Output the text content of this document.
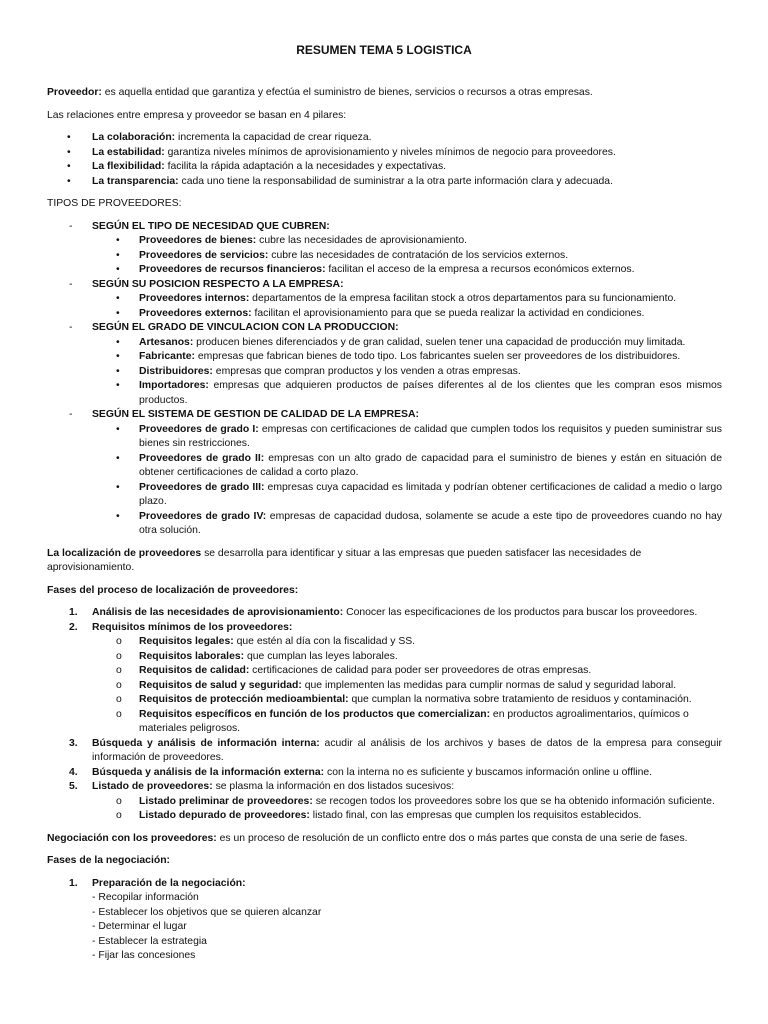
RESUMEN TEMA 5 LOGISTICA

Proveedor: es aquella entidad que garantiza y efectúa el suministro de bienes, servicios o recursos a otras empresas.

Las relaciones entre empresa y proveedor se basan en 4 pilares:

• La colaboración: incrementa la capacidad de crear riqueza.
• La estabilidad: garantiza niveles mínimos de aprovisionamiento y niveles mínimos de negocio para proveedores.
• La flexibilidad: facilita la rápida adaptación a la necesidades y expectativas.
• La transparencia: cada uno tiene la responsabilidad de suministrar a la otra parte información clara y adecuada.

TIPOS DE PROVEEDORES:

- SEGÚN EL TIPO DE NECESIDAD QUE CUBREN:
• Proveedores de bienes: cubre las necesidades de aprovisionamiento.
• Proveedores de servicios: cubre las necesidades de contratación de los servicios externos.
• Proveedores de recursos financieros: facilitan el acceso de la empresa a recursos económicos externos.
- SEGÚN SU POSICION RESPECTO A LA EMPRESA:
• Proveedores internos: departamentos de la empresa facilitan stock a otros departamentos para su funcionamiento.
• Proveedores externos: facilitan el aprovisionamiento para que se pueda realizar la actividad en condiciones.
- SEGÚN EL GRADO DE VINCULACION CON LA PRODUCCION:
• Artesanos: producen bienes diferenciados y de gran calidad, suelen tener una capacidad de producción muy limitada.
• Fabricante: empresas que fabrican bienes de todo tipo. Los fabricantes suelen ser proveedores de los distribuidores.
• Distribuidores: empresas que compran productos y los venden a otras empresas.
• Importadores: empresas que adquieren productos de países diferentes al de los clientes que les compran esos mismos productos.
- SEGÚN EL SISTEMA DE GESTION DE CALIDAD DE LA EMPRESA:
• Proveedores de grado I: empresas con certificaciones de calidad que cumplen todos los requisitos y pueden suministrar sus bienes sin restricciones.
• Proveedores de grado II: empresas con un alto grado de capacidad para el suministro de bienes y están en situación de obtener certificaciones de calidad a corto plazo.
• Proveedores de grado III: empresas cuya capacidad es limitada y podrían obtener certificaciones de calidad a medio o largo plazo.
• Proveedores de grado IV: empresas de capacidad dudosa, solamente se acude a este tipo de proveedores cuando no hay otra solución.

La localización de proveedores se desarrolla para identificar y situar a las empresas que pueden satisfacer las necesidades de aprovisionamiento.

Fases del proceso de localización de proveedores:

1. Análisis de las necesidades de aprovisionamiento: Conocer las especificaciones de los productos para buscar los proveedores.
2. Requisitos mínimos de los proveedores:
o Requisitos legales: que estén al día con la fiscalidad y SS.
o Requisitos laborales: que cumplan las leyes laborales.
o Requisitos de calidad: certificaciones de calidad para poder ser proveedores de otras empresas.
o Requisitos de salud y seguridad: que implementen las medidas para cumplir normas de salud y seguridad laboral.
o Requisitos de protección medioambiental: que cumplan la normativa sobre tratamiento de residuos y contaminación.
o Requisitos específicos en función de los productos que comercializan: en productos agroalimentarios, químicos o materiales peligrosos.
3. Búsqueda y análisis de información interna: acudir al análisis de los archivos y bases de datos de la empresa para conseguir información de proveedores.
4. Búsqueda y análisis de la información externa: con la interna no es suficiente y buscamos información online u offline.
5. Listado de proveedores: se plasma la información en dos listados sucesivos:
o Listado preliminar de proveedores: se recogen todos los proveedores sobre los que se ha obtenido información suficiente.
o Listado depurado de proveedores: listado final, con las empresas que cumplen los requisitos establecidos.

Negociación con los proveedores: es un proceso de resolución de un conflicto entre dos o más partes que consta de una serie de fases.

Fases de la negociación:

1. Preparación de la negociación:
- Recopilar información
- Establecer los objetivos que se quieren alcanzar
- Determinar el lugar
- Establecer la estrategia
- Fijar las concesiones
